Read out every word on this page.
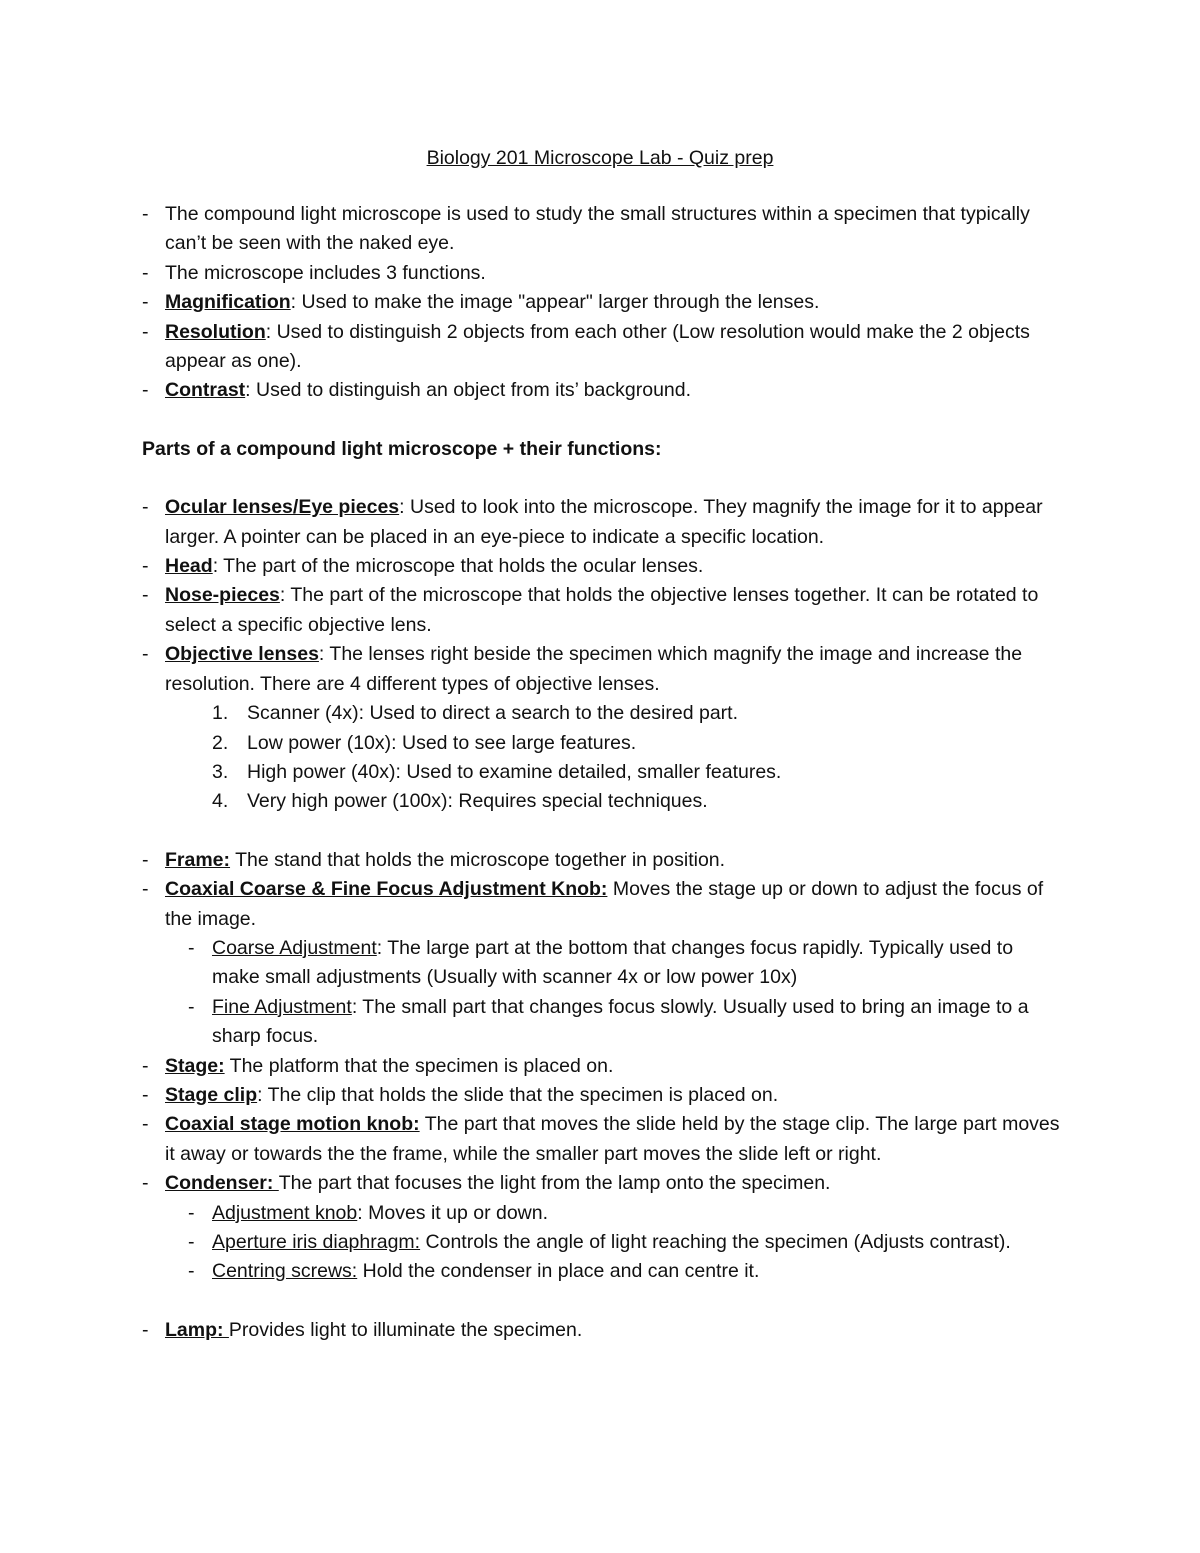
Biology 201 Microscope Lab - Quiz prep
- The compound light microscope is used to study the small structures within a specimen that typically can’t be seen with the naked eye.
- The microscope includes 3 functions.
- Magnification: Used to make the image "appear" larger through the lenses.
- Resolution: Used to distinguish 2 objects from each other (Low resolution would make the 2 objects appear as one).
- Contrast: Used to distinguish an object from its’ background.
Parts of a compound light microscope + their functions:
- Ocular lenses/Eye pieces: Used to look into the microscope. They magnify the image for it to appear larger. A pointer can be placed in an eye-piece to indicate a specific location.
- Head: The part of the microscope that holds the ocular lenses.
- Nose-pieces: The part of the microscope that holds the objective lenses together. It can be rotated to select a specific objective lens.
- Objective lenses: The lenses right beside the specimen which magnify the image and increase the resolution. There are 4 different types of objective lenses.
1. Scanner (4x): Used to direct a search to the desired part.
2. Low power (10x): Used to see large features.
3. High power (40x): Used to examine detailed, smaller features.
4. Very high power (100x): Requires special techniques.
- Frame: The stand that holds the microscope together in position.
- Coaxial Coarse & Fine Focus Adjustment Knob: Moves the stage up or down to adjust the focus of the image.
- Coarse Adjustment: The large part at the bottom that changes focus rapidly. Typically used to make small adjustments (Usually with scanner 4x or low power 10x)
- Fine Adjustment: The small part that changes focus slowly. Usually used to bring an image to a sharp focus.
- Stage: The platform that the specimen is placed on.
- Stage clip: The clip that holds the slide that the specimen is placed on.
- Coaxial stage motion knob: The part that moves the slide held by the stage clip. The large part moves it away or towards the the frame, while the smaller part moves the slide left or right.
- Condenser: The part that focuses the light from the lamp onto the specimen.
- Adjustment knob: Moves it up or down.
- Aperture iris diaphragm: Controls the angle of light reaching the specimen (Adjusts contrast).
- Centring screws: Hold the condenser in place and can centre it.
- Lamp: Provides light to illuminate the specimen.
